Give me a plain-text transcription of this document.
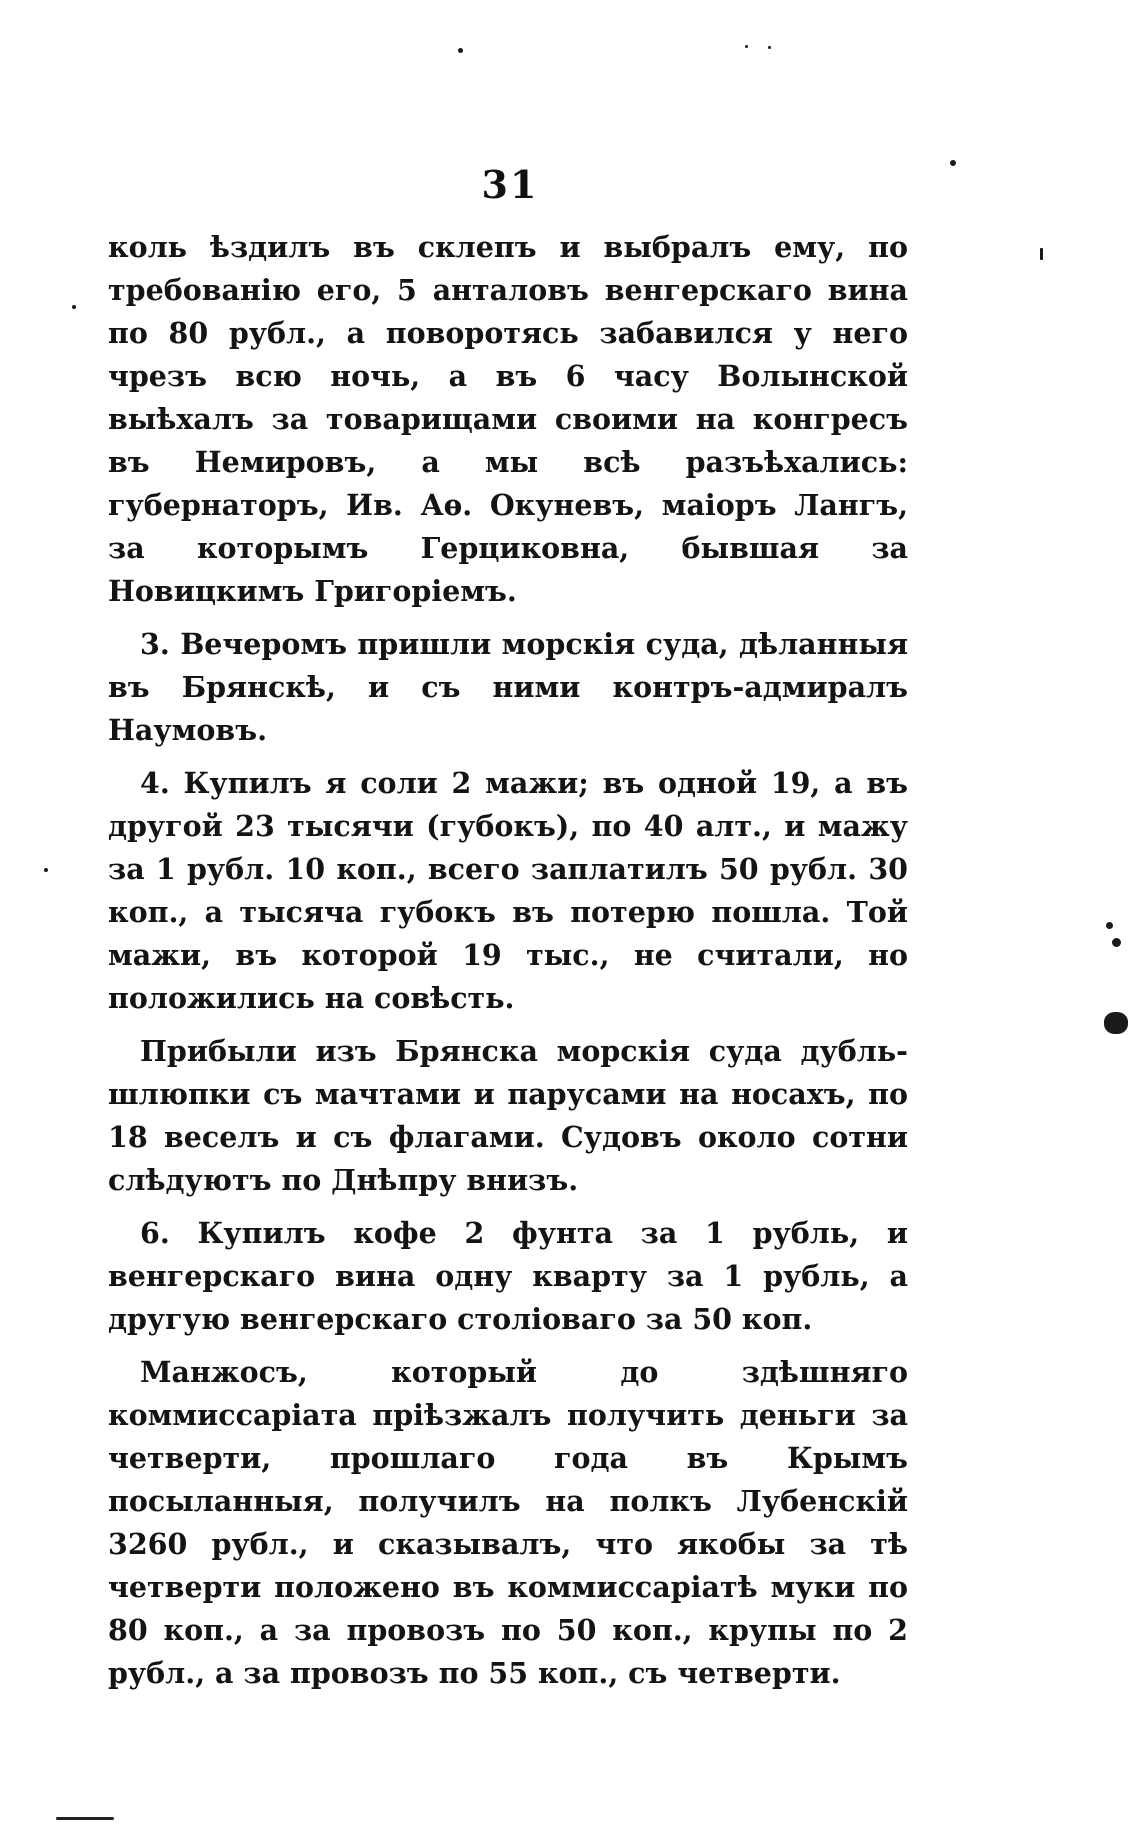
31

коль ѣздилъ въ склепъ и выбралъ ему, по требованію его, 5 анталовъ венгерскаго вина по 80 рубл., а поворотясь забавился у него чрезъ всю ночь, а въ 6 часу Волынской выѣхалъ за товарищами своими на конгресъ въ Немировъ, а мы всѣ разъѣхались: губернаторъ, Ив. Аѳ. Окуневъ, маіоръ Лангъ, за которымъ Герциковна, бывшая за Новицкимъ Григоріемъ.

3. Вечеромъ пришли морскія суда, дѣланныя въ Брянскѣ, и съ ними контръ-адмиралъ Наумовъ.

4. Купилъ я соли 2 мажи; въ одной 19, а въ другой 23 тысячи (губокъ), по 40 алт., и мажу за 1 рубл. 10 коп., всего заплатилъ 50 рубл. 30 коп., а тысяча губокъ въ потерю пошла. Той мажи, въ которой 19 тыс., не считали, но положились на совѣсть.

Прибыли изъ Брянска морскія суда дубль-шлюпки съ мачтами и парусами на носахъ, по 18 веселъ и съ флагами. Судовъ около сотни слѣдуютъ по Днѣпру внизъ.

6. Купилъ кофе 2 фунта за 1 рубль, и венгерскаго вина одну кварту за 1 рубль, а другую венгерскаго століоваго за 50 коп.

Манжосъ, который до здѣшняго коммиссаріата пріѣзжалъ получить деньги за четверти, прошлаго года въ Крымъ посыланныя, получилъ на полкъ Лубенскій 3260 рубл., и сказывалъ, что якобы за тѣ четверти положено въ коммиссаріатѣ муки по 80 коп., а за провозъ по 50 коп., крупы по 2 рубл., а за провозъ по 55 коп., съ четверти.
